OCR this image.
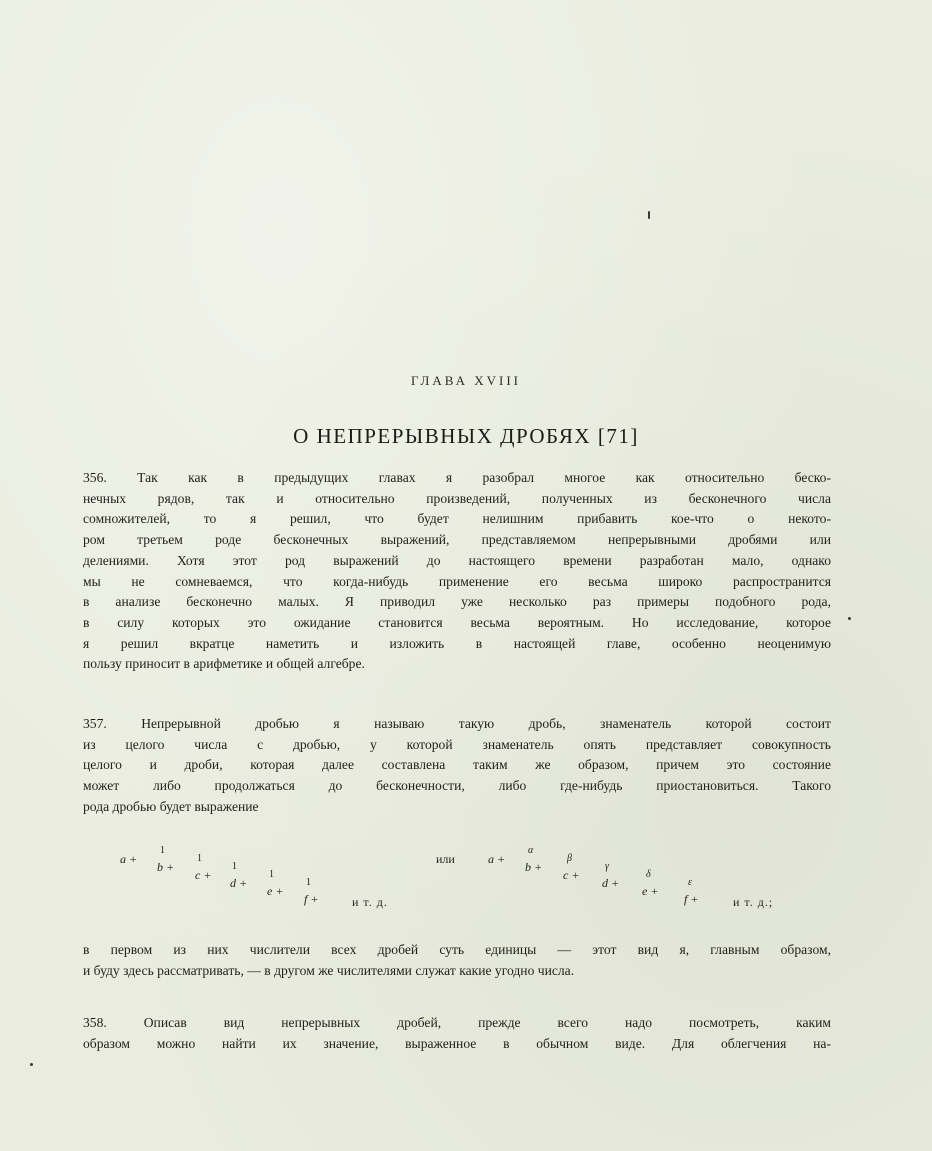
ГЛАВА XVIII
О НЕПРЕРЫВНЫХ ДРОБЯХ [71]
356. Так как в предыдущих главах я разобрал многое как относительно беско-
нечных рядов, так и относительно произведений, полученных из бесконечного числа
сомножителей, то я решил, что будет нелишним прибавить кое-что о некото-
ром третьем роде бесконечных выражений, представляемом непрерывными дробями или
делениями. Хотя этот род выражений до настоящего времени разработан мало, однако
мы не сомневаемся, что когда-нибудь применение его весьма широко распространится
в анализе бесконечно малых. Я приводил уже несколько раз примеры подобного рода,
в силу которых это ожидание становится весьма вероятным. Но исследование, которое
я решил вкратце наметить и изложить в настоящей главе, особенно неоценимую
пользу приносит в арифметике и общей алгебре.
357. Непрерывной дробью я называю такую дробь, знаменатель которой состоит
из целого числа с дробью, у которой знаменатель опять представляет совокупность
целого и дроби, которая далее составлена таким же образом, причем это состояние
может либо продолжаться до бесконечности, либо где-нибудь приостановиться. Такого
рода дробью будет выражение
a +
1
b +
1
c +
1
d +
1
e +
1
f +	и т. д.
или	a +
α
b +
β
c +
γ
d +
δ
e +
ε
f +	и т. д.;
в первом из них числители всех дробей суть единицы — этот вид я, главным образом,
и буду здесь рассматривать, — в другом же числителями служат какие угодно числа.
358. Описав вид непрерывных дробей, прежде всего надо посмотреть, каким
образом можно найти их значение, выраженное в обычном виде. Для облегчения на-
